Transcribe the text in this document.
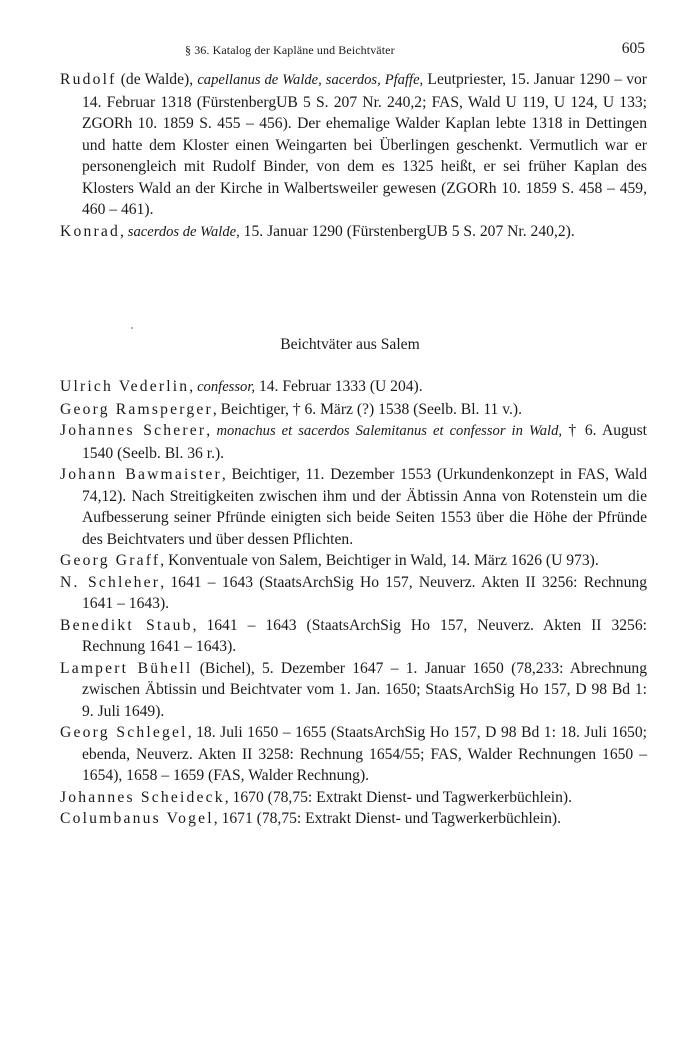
§ 36. Katalog der Kapläne und Beichtväter	605

Rudolf (de Walde), capellanus de Walde, sacerdos, Pfaffe, Leutpriester, 15. Januar 1290 – vor 14. Februar 1318 (FürstenbergUB 5 S. 207 Nr. 240,2; FAS, Wald U 119, U 124, U 133; ZGORh 10. 1859 S. 455 – 456). Der ehemalige Walder Kaplan lebte 1318 in Dettingen und hatte dem Kloster einen Weingarten bei Überlingen geschenkt. Vermutlich war er personengleich mit Rudolf Binder, von dem es 1325 heißt, er sei früher Kaplan des Klosters Wald an der Kirche in Walbertsweiler gewesen (ZGORh 10. 1859 S. 458 – 459, 460 – 461).

Konrad, sacerdos de Walde, 15. Januar 1290 (FürstenbergUB 5 S. 207 Nr. 240,2).

Beichtväter aus Salem

Ulrich Vederlin, confessor, 14. Februar 1333 (U 204).

Georg Ramsperger, Beichtiger, † 6. März (?) 1538 (Seelb. Bl. 11 v.).

Johannes Scherer, monachus et sacerdos Salemitanus et confessor in Wald, † 6. August 1540 (Seelb. Bl. 36 r.).

Johann Bawmaister, Beichtiger, 11. Dezember 1553 (Urkundenkonzept in FAS, Wald 74,12). Nach Streitigkeiten zwischen ihm und der Äbtissin Anna von Rotenstein um die Aufbesserung seiner Pfründe einigten sich beide Seiten 1553 über die Höhe der Pfründe des Beichtvaters und über dessen Pflichten.

Georg Graff, Konventuale von Salem, Beichtiger in Wald, 14. März 1626 (U 973).

N. Schleher, 1641 – 1643 (StaatsArchSig Ho 157, Neuverz. Akten II 3256: Rechnung 1641 – 1643).

Benedikt Staub, 1641 – 1643 (StaatsArchSig Ho 157, Neuverz. Akten II 3256: Rechnung 1641 – 1643).

Lampert Bühell (Bichel), 5. Dezember 1647 – 1. Januar 1650 (78,233: Abrechnung zwischen Äbtissin und Beichtvater vom 1. Jan. 1650; StaatsArchSig Ho 157, D 98 Bd 1: 9. Juli 1649).

Georg Schlegel, 18. Juli 1650 – 1655 (StaatsArchSig Ho 157, D 98 Bd 1: 18. Juli 1650; ebenda, Neuverz. Akten II 3258: Rechnung 1654/55; FAS, Walder Rechnungen 1650 – 1654), 1658 – 1659 (FAS, Walder Rechnung).

Johannes Scheideck, 1670 (78,75: Extrakt Dienst- und Tagwerkerbüchlein).

Columbanus Vogel, 1671 (78,75: Extrakt Dienst- und Tagwerkerbüchlein).
